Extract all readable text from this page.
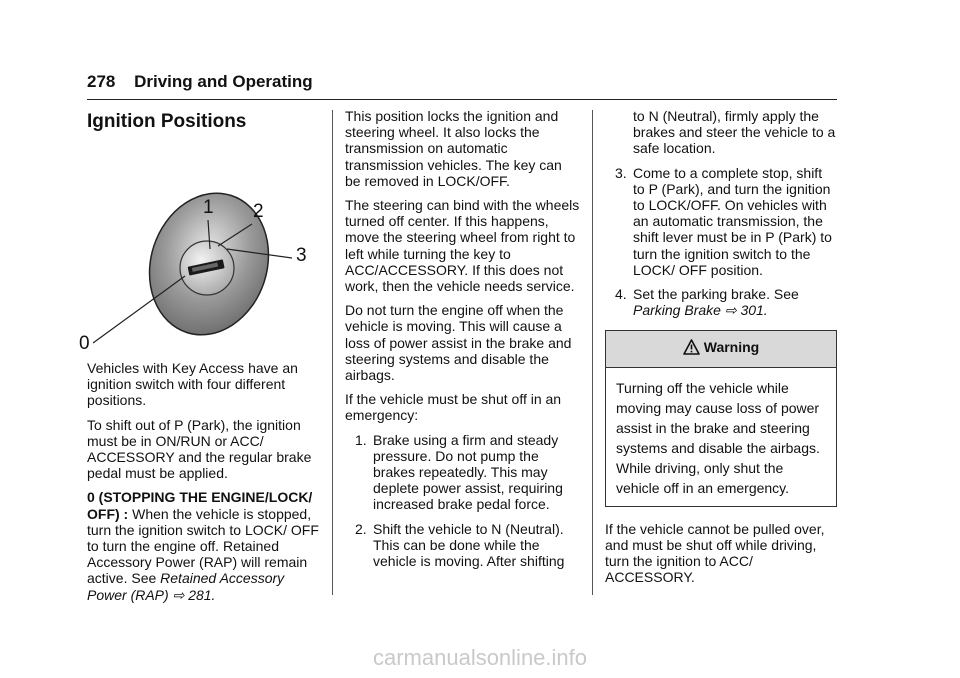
278 Driving and Operating
Ignition Positions
0
1 2
3

Vehicles with Key Access have an ignition switch with four different positions.

To shift out of P (Park), the ignition must be in ON/RUN or ACC/ ACCESSORY and the regular brake pedal must be applied.

0 (STOPPING THE ENGINE/LOCK/ OFF) : When the vehicle is stopped, turn the ignition switch to LOCK/ OFF to turn the engine off. Retained Accessory Power (RAP) will remain active. See Retained Accessory Power (RAP) ⇨ 281.

This position locks the ignition and steering wheel. It also locks the transmission on automatic transmission vehicles. The key can be removed in LOCK/OFF.

The steering can bind with the wheels turned off center. If this happens, move the steering wheel from right to left while turning the key to ACC/ACCESSORY. If this does not work, then the vehicle needs service.

Do not turn the engine off when the vehicle is moving. This will cause a loss of power assist in the brake and steering systems and disable the airbags.

If the vehicle must be shut off in an emergency:

1. Brake using a firm and steady pressure. Do not pump the brakes repeatedly. This may deplete power assist, requiring increased brake pedal force.
2. Shift the vehicle to N (Neutral). This can be done while the vehicle is moving. After shifting
to N (Neutral), firmly apply the brakes and steer the vehicle to a safe location.
3. Come to a complete stop, shift to P (Park), and turn the ignition to LOCK/OFF. On vehicles with an automatic transmission, the shift lever must be in P (Park) to turn the ignition switch to the LOCK/ OFF position.
4. Set the parking brake. See Parking Brake ⇨ 301.
Warning
Turning off the vehicle while moving may cause loss of power assist in the brake and steering systems and disable the airbags. While driving, only shut the vehicle off in an emergency.

If the vehicle cannot be pulled over, and must be shut off while driving, turn the ignition to ACC/ ACCESSORY.

carmanualsonline.info
